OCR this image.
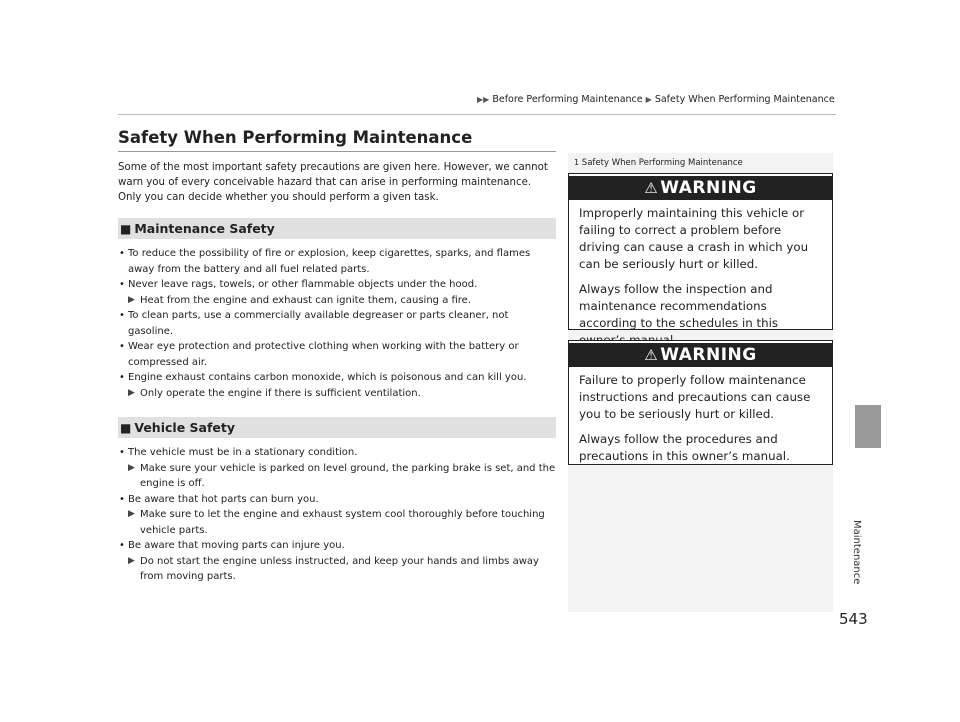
▶▶ Before Performing Maintenance ▶ Safety When Performing Maintenance
Maintenance
Safety When Performing Maintenance

Some of the most important safety precautions are given here. However, we cannot warn you of every conceivable hazard that can arise in performing maintenance. Only you can decide whether you should perform a given task.

■ Maintenance Safety
• To reduce the possibility of fire or explosion, keep cigarettes, sparks, and flames away from the battery and all fuel related parts.
• Never leave rags, towels, or other flammable objects under the hood.
▶ Heat from the engine and exhaust can ignite them, causing a fire.
• To clean parts, use a commercially available degreaser or parts cleaner, not gasoline.
• Wear eye protection and protective clothing when working with the battery or compressed air.
• Engine exhaust contains carbon monoxide, which is poisonous and can kill you.
▶ Only operate the engine if there is sufficient ventilation.
■ Vehicle Safety
• The vehicle must be in a stationary condition.
▶ Make sure your vehicle is parked on level ground, the parking brake is set, and the engine is off.
• Be aware that hot parts can burn you.
▶ Make sure to let the engine and exhaust system cool thoroughly before touching vehicle parts.
• Be aware that moving parts can injure you.
▶ Do not start the engine unless instructed, and keep your hands and limbs away from moving parts.
1 Safety When Performing Maintenance
⚠ WARNING

Improperly maintaining this vehicle or failing to correct a problem before driving can cause a crash in which you can be seriously hurt or killed.

Always follow the inspection and maintenance recommendations according to the schedules in this

⚠ WARNING

Failure to properly follow maintenance instructions and precautions can cause you to be seriously hurt or killed.

Always follow the procedures and precautions in this owner’s manual.

543
